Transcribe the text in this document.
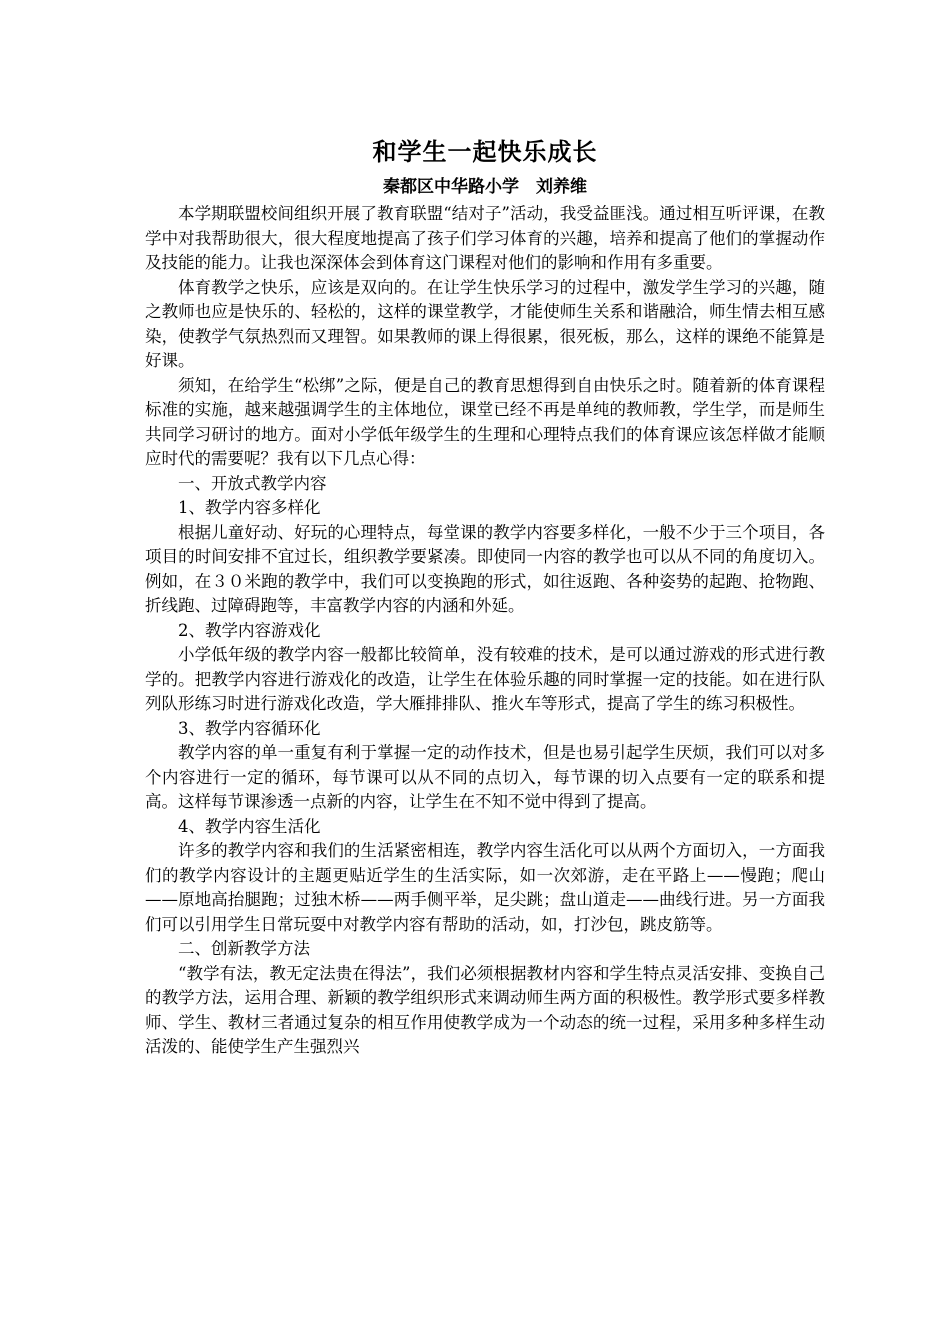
和学生一起快乐成长

秦都区中华路小学　刘养维

本学期联盟校间组织开展了教育联盟“结对子”活动，我受益匪浅。通过相互听评课，在教学中对我帮助很大，很大程度地提高了孩子们学习体育的兴趣，培养和提高了他们的掌握动作及技能的能力。让我也深深体会到体育这门课程对他们的影响和作用有多重要。

体育教学之快乐，应该是双向的。在让学生快乐学习的过程中，激发学生学习的兴趣，随之教师也应是快乐的、轻松的，这样的课堂教学，才能使师生关系和谐融洽，师生情去相互感染，使教学气氛热烈而又理智。如果教师的课上得很累，很死板，那么，这样的课绝不能算是好课。

须知，在给学生“松绑”之际，便是自己的教育思想得到自由快乐之时。随着新的体育课程标准的实施，越来越强调学生的主体地位，课堂已经不再是单纯的教师教，学生学，而是师生共同学习研讨的地方。面对小学低年级学生的生理和心理特点我们的体育课应该怎样做才能顺应时代的需要呢？我有以下几点心得：

一、开放式教学内容

1、教学内容多样化

根据儿童好动、好玩的心理特点，每堂课的教学内容要多样化，一般不少于三个项目，各项目的时间安排不宜过长，组织教学要紧凑。即使同一内容的教学也可以从不同的角度切入。例如，在３０米跑的教学中，我们可以变换跑的形式，如往返跑、各种姿势的起跑、抢物跑、折线跑、过障碍跑等，丰富教学内容的内涵和外延。

2、教学内容游戏化

小学低年级的教学内容一般都比较简单，没有较难的技术，是可以通过游戏的形式进行教学的。把教学内容进行游戏化的改造，让学生在体验乐趣的同时掌握一定的技能。如在进行队列队形练习时进行游戏化改造，学大雁排排队、推火车等形式，提高了学生的练习积极性。

3、教学内容循环化

教学内容的单一重复有利于掌握一定的动作技术，但是也易引起学生厌烦，我们可以对多个内容进行一定的循环，每节课可以从不同的点切入，每节课的切入点要有一定的联系和提高。这样每节课渗透一点新的内容，让学生在不知不觉中得到了提高。

4、教学内容生活化

许多的教学内容和我们的生活紧密相连，教学内容生活化可以从两个方面切入，一方面我们的教学内容设计的主题更贴近学生的生活实际，如一次郊游，走在平路上——慢跑；爬山——原地高抬腿跑；过独木桥——两手侧平举，足尖跳；盘山道走——曲线行进。另一方面我们可以引用学生日常玩耍中对教学内容有帮助的活动，如，打沙包，跳皮筋等。

二、创新教学方法

“教学有法，教无定法贵在得法”，我们必须根据教材内容和学生特点灵活安排、变换自己的教学方法，运用合理、新颖的教学组织形式来调动师生两方面的积极性。教学形式要多样教师、学生、教材三者通过复杂的相互作用使教学成为一个动态的统一过程，采用多种多样生动活泼的、能使学生产生强烈兴
